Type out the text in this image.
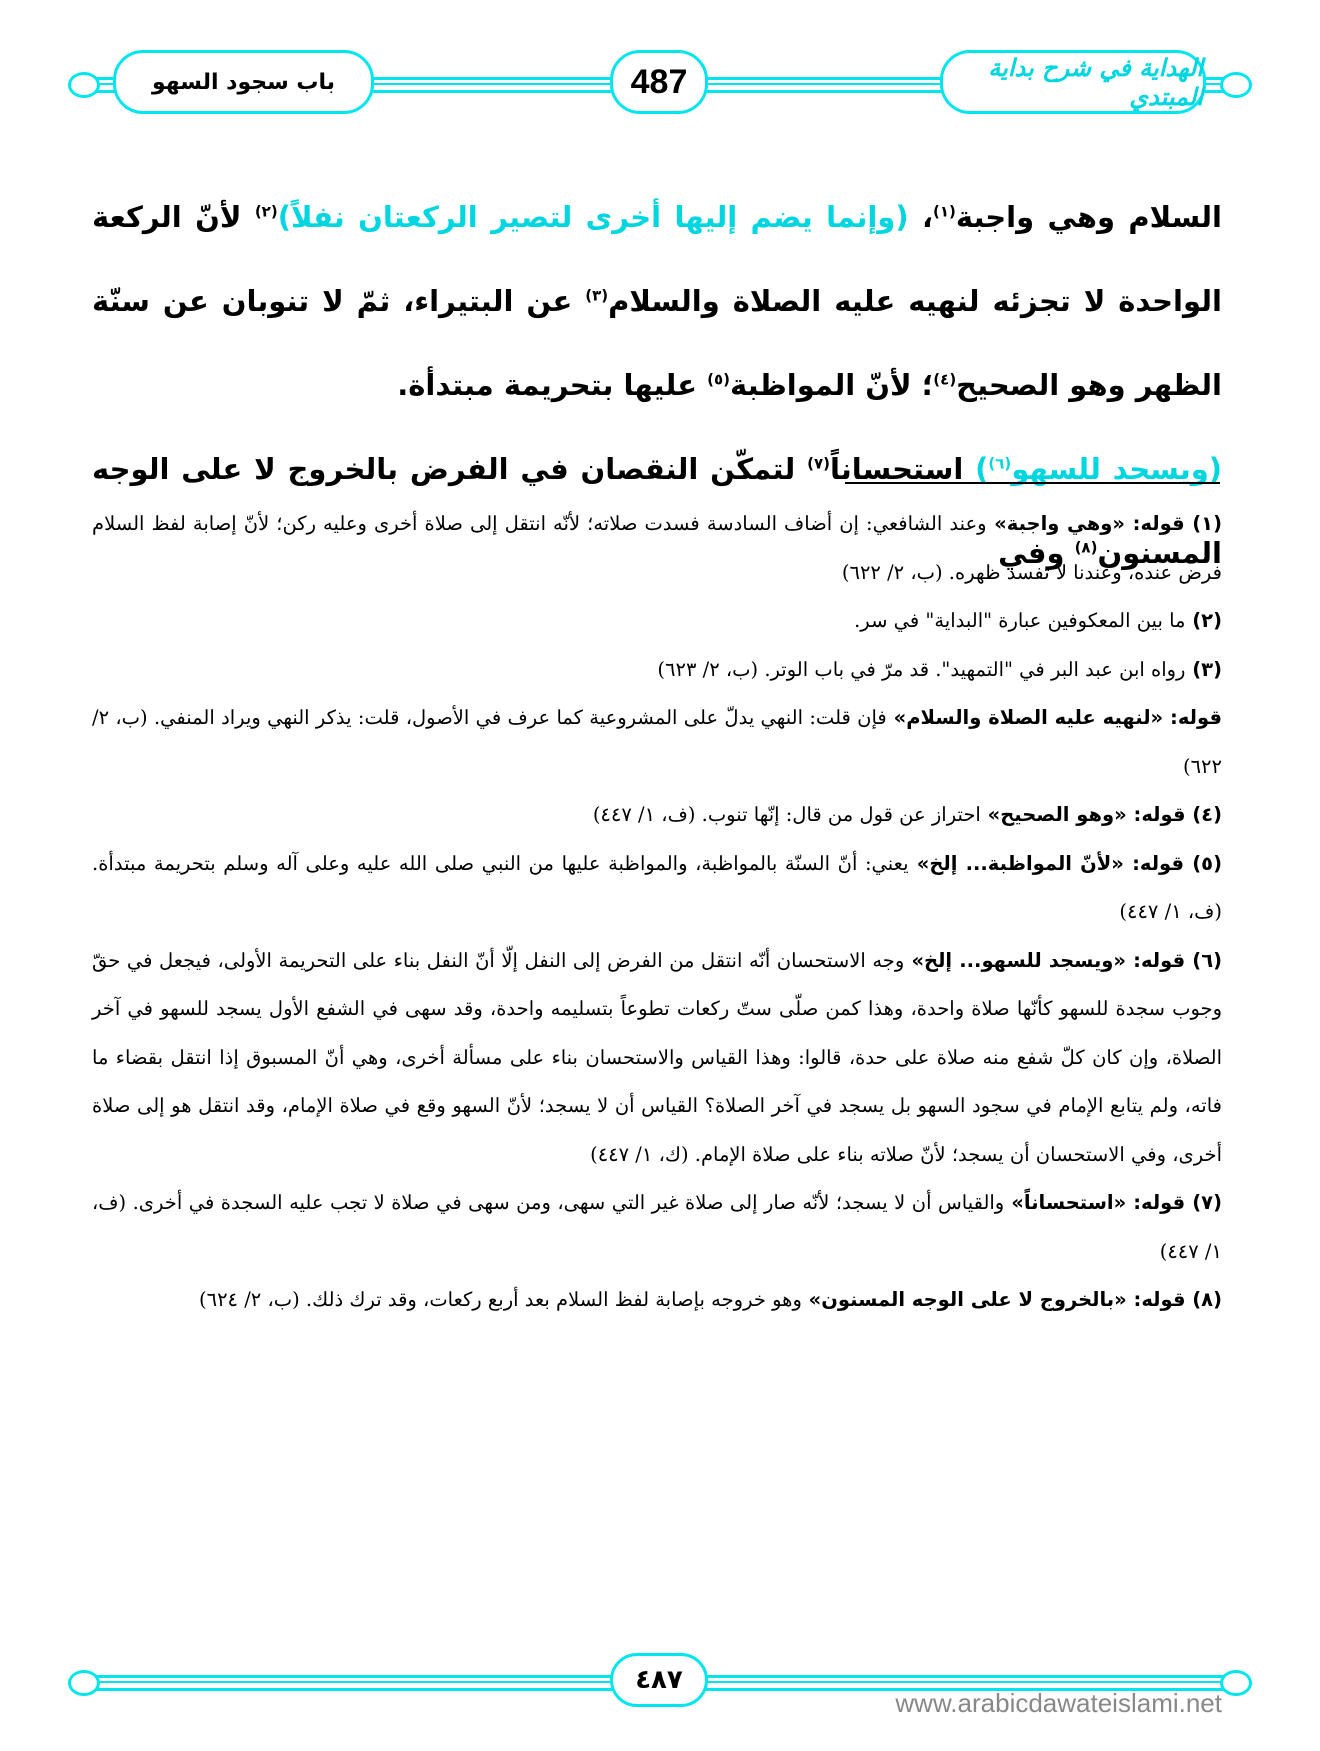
باب سجود السهو	487	الهداية في شرح بداية المبتدي
السلام وهي واجبة$^{(١)}$، (وإنما يضم إليها أخرى لتصير الركعتان نفلاً)$^{(٢)}$ لأنّ الركعة الواحدة لا تجزئه لنهيه عليه الصلاة والسلام$^{(٣)}$ عن البتيراء، ثمّ لا تنوبان عن سنّة الظهر وهو الصحيح$^{(٤)}$؛ لأنّ المواظبة$^{(٥)}$ عليها بتحريمة مبتدأة.
(ويسجد للسهو$^{(٦)}$) استحساناً$^{(٧)}$ لتمكّن النقصان في الفرض بالخروج لا على الوجه المسنون$^{(٨)}$ وفي

(١) قوله: «وهي واجبة» وعند الشافعي: إن أضاف السادسة فسدت صلاته؛ لأنّه انتقل إلى صلاة أخرى وعليه ركن؛ لأنّ إصابة لفظ السلام فرض عنده، وعندنا لا تفسد ظهره. (ب، ٢/ ٦٢٢)

(٢) ما بين المعكوفين عبارة "البداية" في سر.

(٣) رواه ابن عبد البر في "التمهيد". قد مرّ في باب الوتر. (ب، ٢/ ٦٢٣)

قوله: «لنهيه عليه الصلاة والسلام» فإن قلت: النهي يدلّ على المشروعية كما عرف في الأصول، قلت: يذكر النهي ويراد المنفي. (ب، ٢/ ٦٢٢)

(٤) قوله: «وهو الصحيح» احتراز عن قول من قال: إنّها تنوب. (ف، ١/ ٤٤٧)

(٥) قوله: «لأنّ المواظبة... إلخ» يعني: أنّ السنّة بالمواظبة، والمواظبة عليها من النبي صلى الله عليه وعلى آله وسلم بتحريمة مبتدأة. (ف، ١/ ٤٤٧)

(٦) قوله: «ويسجد للسهو... إلخ» وجه الاستحسان أنّه انتقل من الفرض إلى النفل إلّا أنّ النفل بناء على التحريمة الأولى، فيجعل في حقّ وجوب سجدة للسهو كأنّها صلاة واحدة، وهذا كمن صلّى ستّ ركعات تطوعاً بتسليمه واحدة، وقد سهى في الشفع الأول يسجد للسهو في آخر الصلاة، وإن كان كلّ شفع منه صلاة على حدة، قالوا: وهذا القياس والاستحسان بناء على مسألة أخرى، وهي أنّ المسبوق إذا انتقل بقضاء ما فاته، ولم يتابع الإمام في سجود السهو بل يسجد في آخر الصلاة؟ القياس أن لا يسجد؛ لأنّ السهو وقع في صلاة الإمام، وقد انتقل هو إلى صلاة أخرى، وفي الاستحسان أن يسجد؛ لأنّ صلاته بناء على صلاة الإمام. (ك، ١/ ٤٤٧)

(٧) قوله: «استحساناً» والقياس أن لا يسجد؛ لأنّه صار إلى صلاة غير التي سهى، ومن سهى في صلاة لا تجب عليه السجدة في أخرى. (ف، ١/ ٤٤٧)

(٨) قوله: «بالخروج لا على الوجه المسنون» وهو خروجه بإصابة لفظ السلام بعد أربع ركعات، وقد ترك ذلك. (ب، ٢/ ٦٢٤)

٤٨٧
www.arabicdawateislami.net
